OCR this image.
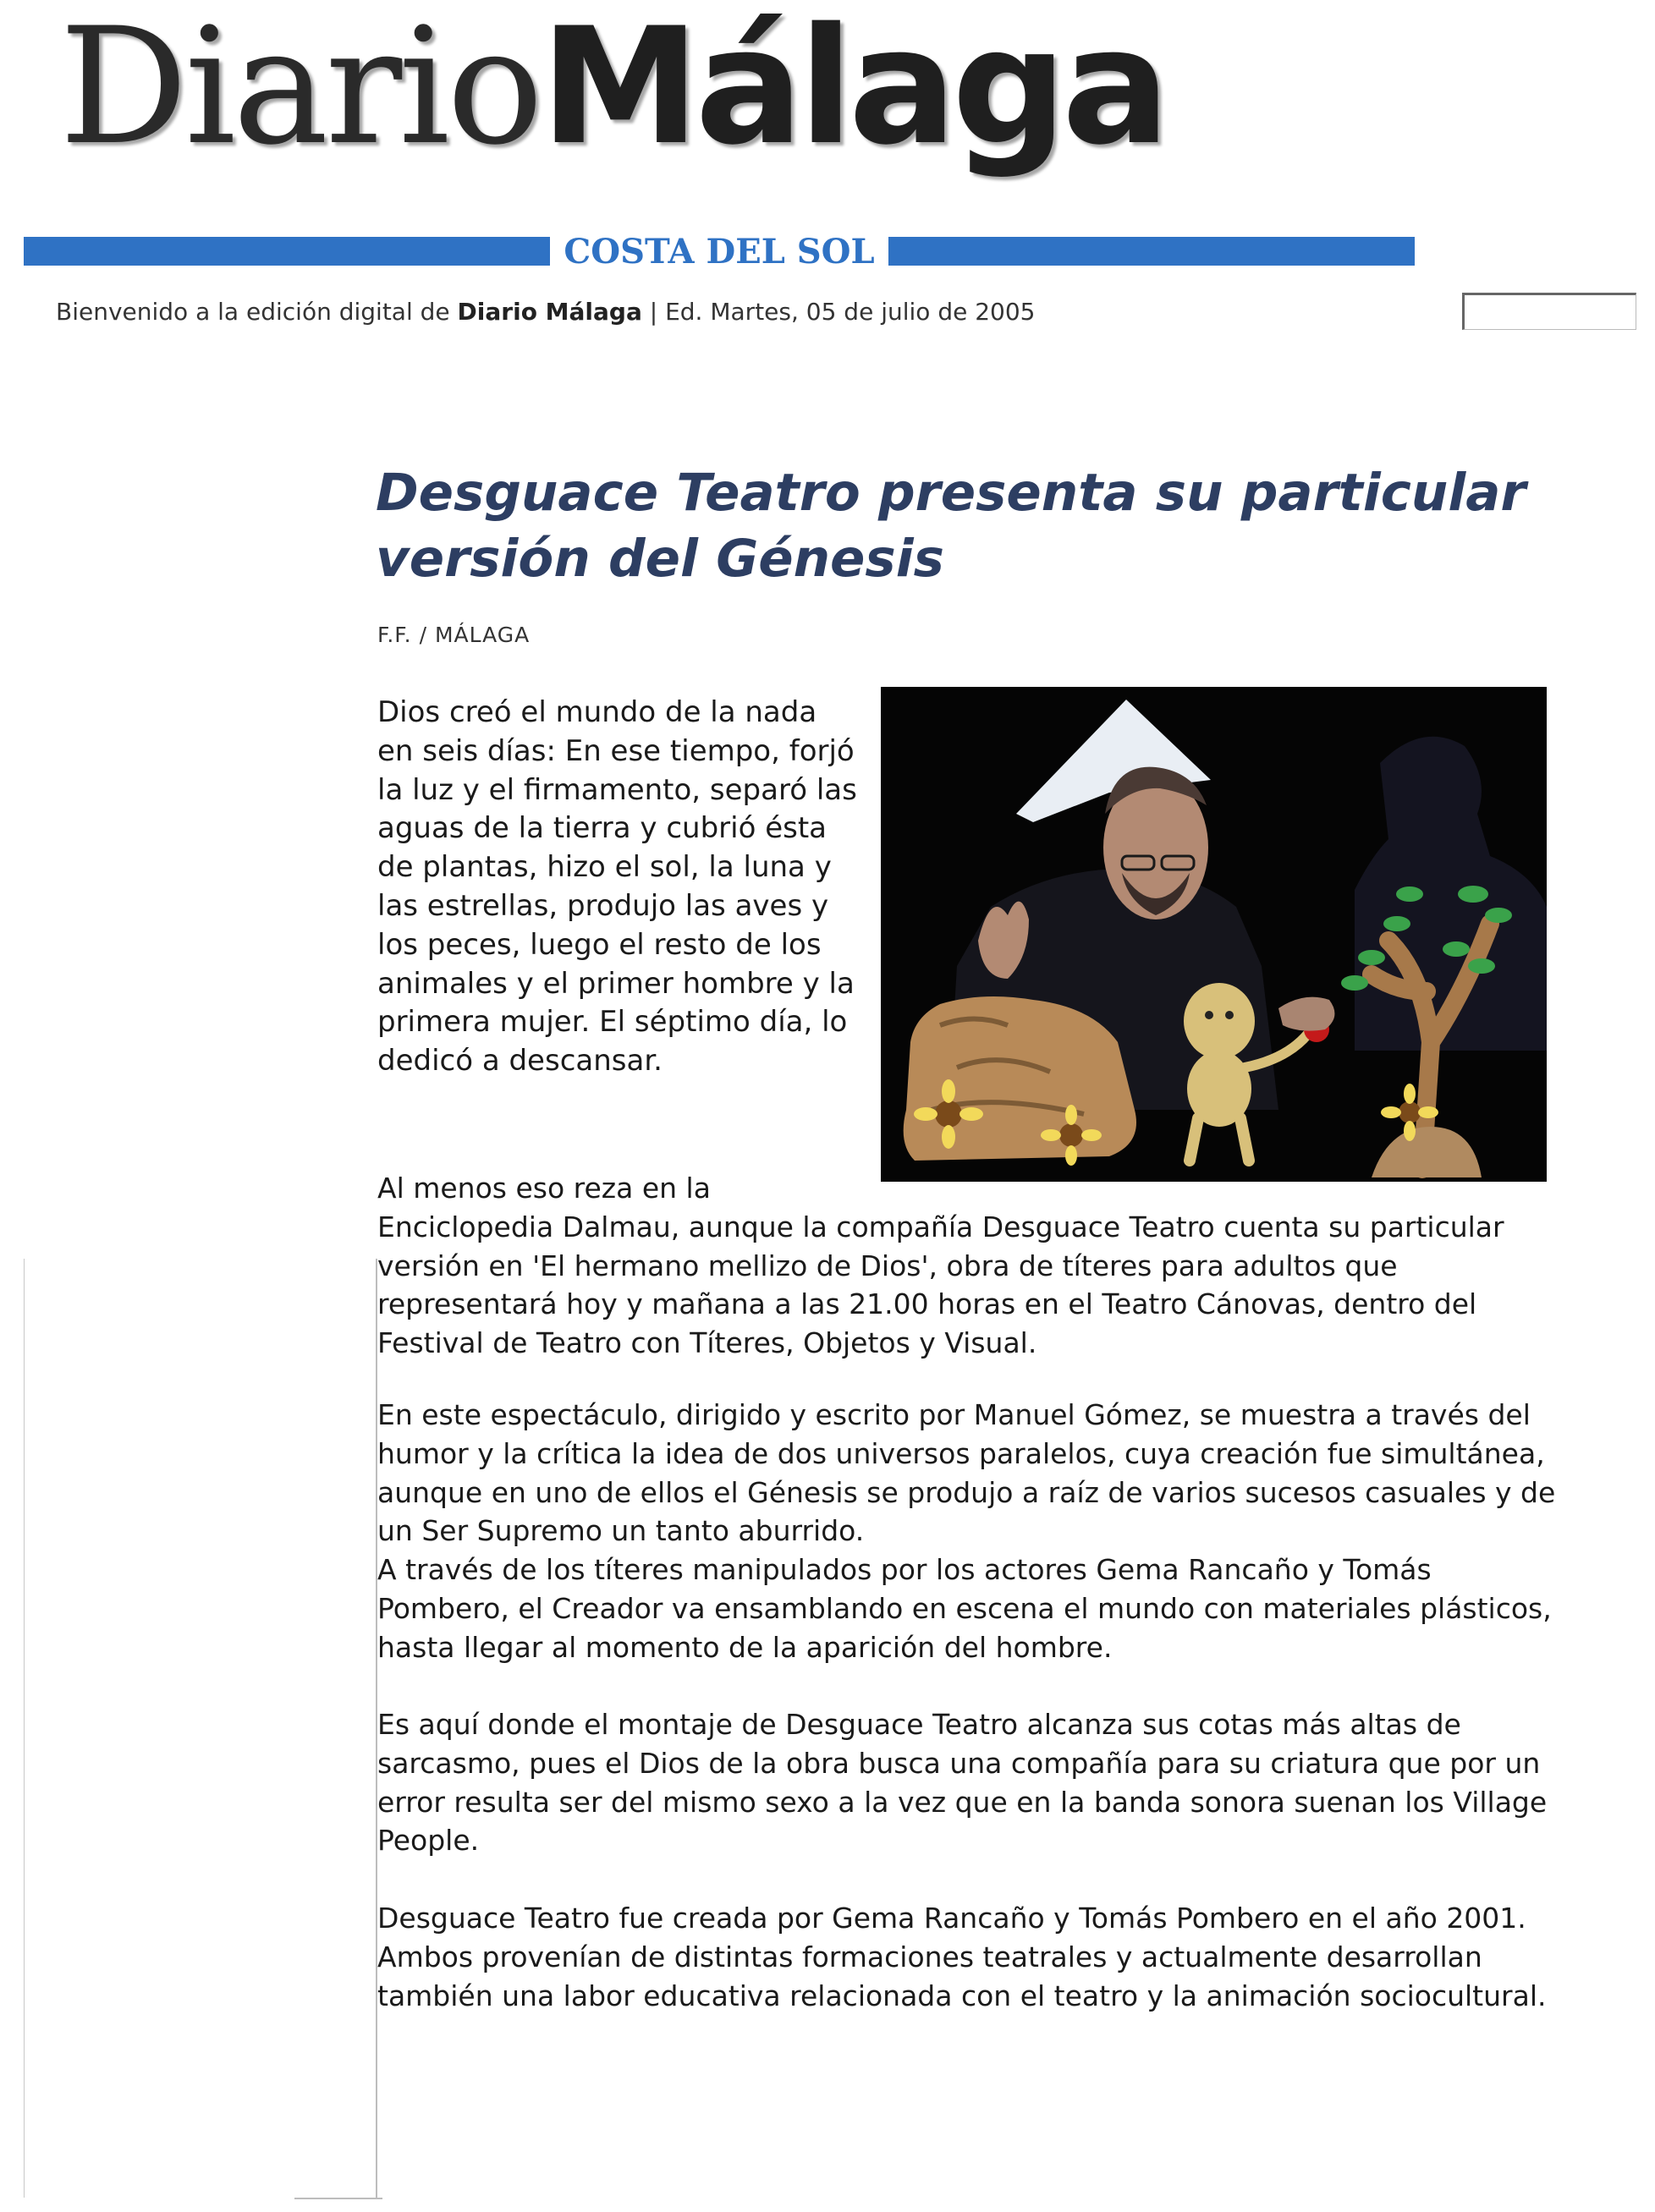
DiarioMálaga
COSTA DEL SOL
Bienvenido a la edición digital de Diario Málaga | Ed. Martes, 05 de julio de 2005
Desguace Teatro presenta su particular versión del Génesis
F.F. / MÁLAGA

Dios creó el mundo de la nada en seis días: En ese tiempo, forjó la luz y el firmamento, separó las aguas de la tierra y cubrió ésta de plantas, hizo el sol, la luna y las estrellas, produjo las aves y los peces, luego el resto de los animales y el primer hombre y la primera mujer. El séptimo día, lo dedicó a descansar.

Al menos eso reza en la
Enciclopedia Dalmau, aunque la compañía Desguace Teatro cuenta su particular versión en 'El hermano mellizo de Dios', obra de títeres para adultos que representará hoy y mañana a las 21.00 horas en el Teatro Cánovas, dentro del Festival de Teatro con Títeres, Objetos y Visual.

En este espectáculo, dirigido y escrito por Manuel Gómez, se muestra a través del humor y la crítica la idea de dos universos paralelos, cuya creación fue simultánea, aunque en uno de ellos el Génesis se produjo a raíz de varios sucesos casuales y de un Ser Supremo un tanto aburrido.
A través de los títeres manipulados por los actores Gema Rancaño y Tomás Pombero, el Creador va ensamblando en escena el mundo con materiales plásticos, hasta llegar al momento de la aparición del hombre.

Es aquí donde el montaje de Desguace Teatro alcanza sus cotas más altas de sarcasmo, pues el Dios de la obra busca una compañía para su criatura que por un error resulta ser del mismo sexo a la vez que en la banda sonora suenan los Village People.

Desguace Teatro fue creada por Gema Rancaño y Tomás Pombero en el año 2001. Ambos provenían de distintas formaciones teatrales y actualmente desarrollan también una labor educativa relacionada con el teatro y la animación sociocultural.
